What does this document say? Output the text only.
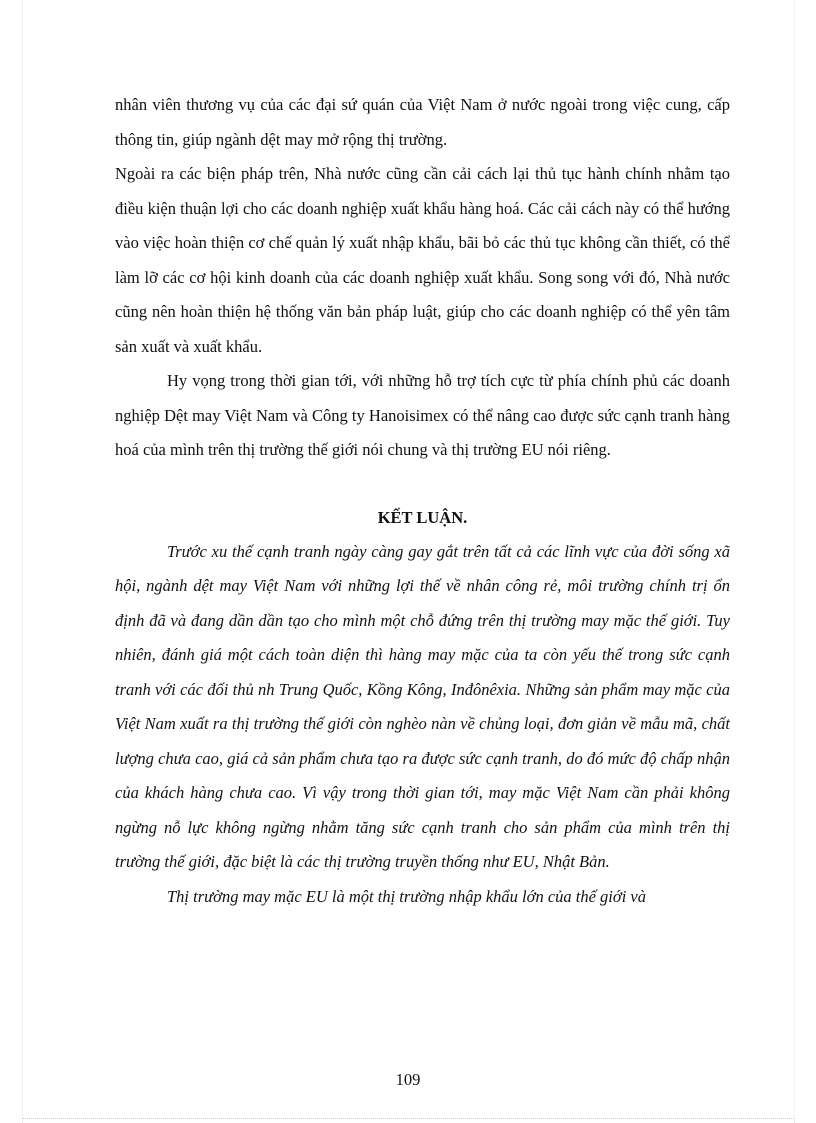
nhân viên thương vụ của các đại sứ quán của Việt Nam ở nước ngoài trong việc cung, cấp thông tin, giúp ngành dệt may mở rộng thị trường.

Ngoài ra các biện pháp trên, Nhà nước cũng cần cải cách lại thủ tục hành chính nhằm tạo điều kiện thuận lợi cho các doanh nghiệp xuất khẩu hàng hoá. Các cải cách này có thể hướng vào việc hoàn thiện cơ chế quản lý xuất nhập khẩu, bãi bỏ các thủ tục không cần thiết, có thể làm lỡ các cơ hội kinh doanh của các doanh nghiệp xuất khẩu. Song song với đó, Nhà nước cũng nên hoàn thiện hệ thống văn bản pháp luật, giúp cho các doanh nghiệp có thể yên tâm sản xuất và xuất khẩu.

Hy vọng trong thời gian tới, với những hỗ trợ tích cực từ phía chính phủ các doanh nghiệp Dệt may Việt Nam và Công ty Hanoisimex có thể nâng cao được sức cạnh tranh hàng hoá của mình trên thị trường thế giới nói chung và thị trường EU nói riêng.

KẾT LUẬN.

Trước xu thế cạnh tranh ngày càng gay gắt trên tất cả các lĩnh vực của đời sống xã hội, ngành dệt may Việt Nam với những lợi thế về nhân công rẻ, môi trường chính trị ổn định đã và đang dần dần tạo cho mình một chỗ đứng trên thị trường may mặc thế giới. Tuy nhiên, đánh giá một cách toàn diện thì hàng may mặc của ta còn yếu thế trong sức cạnh tranh với các đối thủ nh Trung Quốc, Kồng Kông, Inđônêxia. Những sản phẩm may mặc của Việt Nam xuất ra thị trường thế giới còn nghèo nàn về chủng loại, đơn giản về mẫu mã, chất lượng chưa cao, giá cả sản phẩm chưa tạo ra được sức cạnh tranh, do đó mức độ chấp nhận của khách hàng chưa cao. Vì vậy trong thời gian tới, may mặc Việt Nam cần phải không ngừng nỗ lực không ngừng nhằm tăng sức cạnh tranh cho sản phẩm của mình trên thị trường thế giới, đặc biệt là các thị trường truyền thống như EU, Nhật Bản.

Thị trường may mặc EU là một thị trường nhập khẩu lớn của thế giới và

109
